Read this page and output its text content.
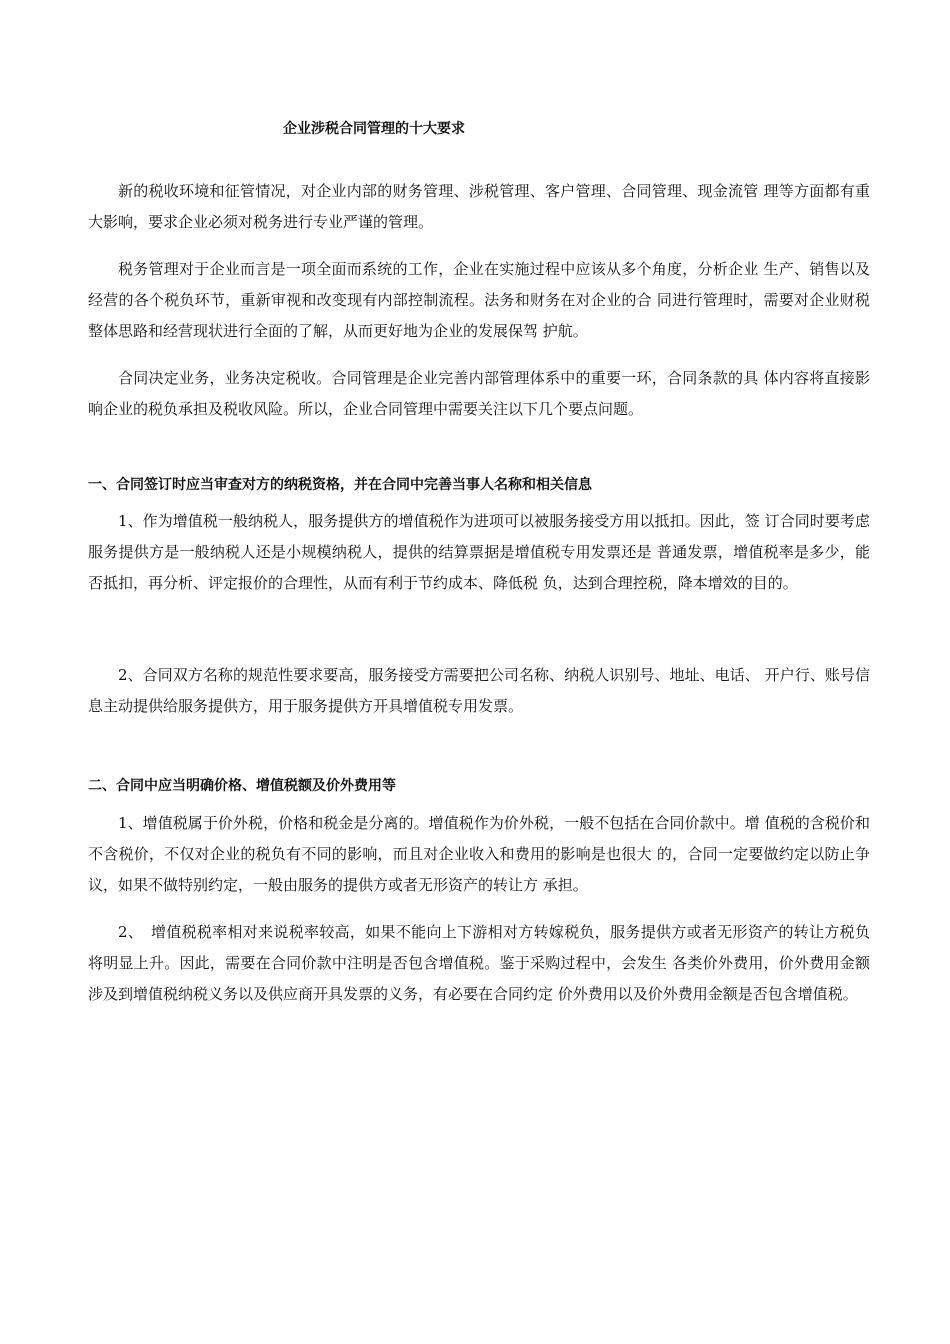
企业涉税合同管理的十大要求

新的税收环境和征管情况，对企业内部的财务管理、涉税管理、客户管理、合同管理、现金流管 理等方面都有重大影响，要求企业必须对税务进行专业严谨的管理。

税务管理对于企业而言是一项全面而系统的工作，企业在实施过程中应该从多个角度，分析企业 生产、销售以及经营的各个税负环节，重新审视和改变现有内部控制流程。法务和财务在对企业的合 同进行管理时，需要对企业财税整体思路和经营现状进行全面的了解，从而更好地为企业的发展保驾 护航。

合同决定业务，业务决定税收。合同管理是企业完善内部管理体系中的重要一环，合同条款的具 体内容将直接影响企业的税负承担及税收风险。所以，企业合同管理中需要关注以下几个要点问题。

一、合同签订时应当审查对方的纳税资格，并在合同中完善当事人名称和相关信息

1、作为增值税一般纳税人，服务提供方的增值税作为进项可以被服务接受方用以抵扣。因此，签 订合同时要考虑服务提供方是一般纳税人还是小规模纳税人，提供的结算票据是增值税专用发票还是 普通发票，增值税率是多少，能否抵扣，再分析、评定报价的合理性，从而有利于节约成本、降低税 负，达到合理控税，降本增效的目的。

2、合同双方名称的规范性要求要高，服务接受方需要把公司名称、纳税人识别号、地址、电话、 开户行、账号信息主动提供给服务提供方，用于服务提供方开具增值税专用发票。

二、合同中应当明确价格、增值税额及价外费用等

1、增值税属于价外税，价格和税金是分离的。增值税作为价外税，一般不包括在合同价款中。增 值税的含税价和不含税价，不仅对企业的税负有不同的影响，而且对企业收入和费用的影响是也很大 的，合同一定要做约定以防止争议，如果不做特别约定，一般由服务的提供方或者无形资产的转让方 承担。

2、　增值税税率相对来说税率较高，如果不能向上下游相对方转嫁税负，服务提供方或者无形资产的转让方税负将明显上升。因此，需要在合同价款中注明是否包含增值税。鉴于采购过程中，会发生 各类价外费用，价外费用金额涉及到增值税纳税义务以及供应商开具发票的义务，有必要在合同约定 价外费用以及价外费用金额是否包含增值税。
